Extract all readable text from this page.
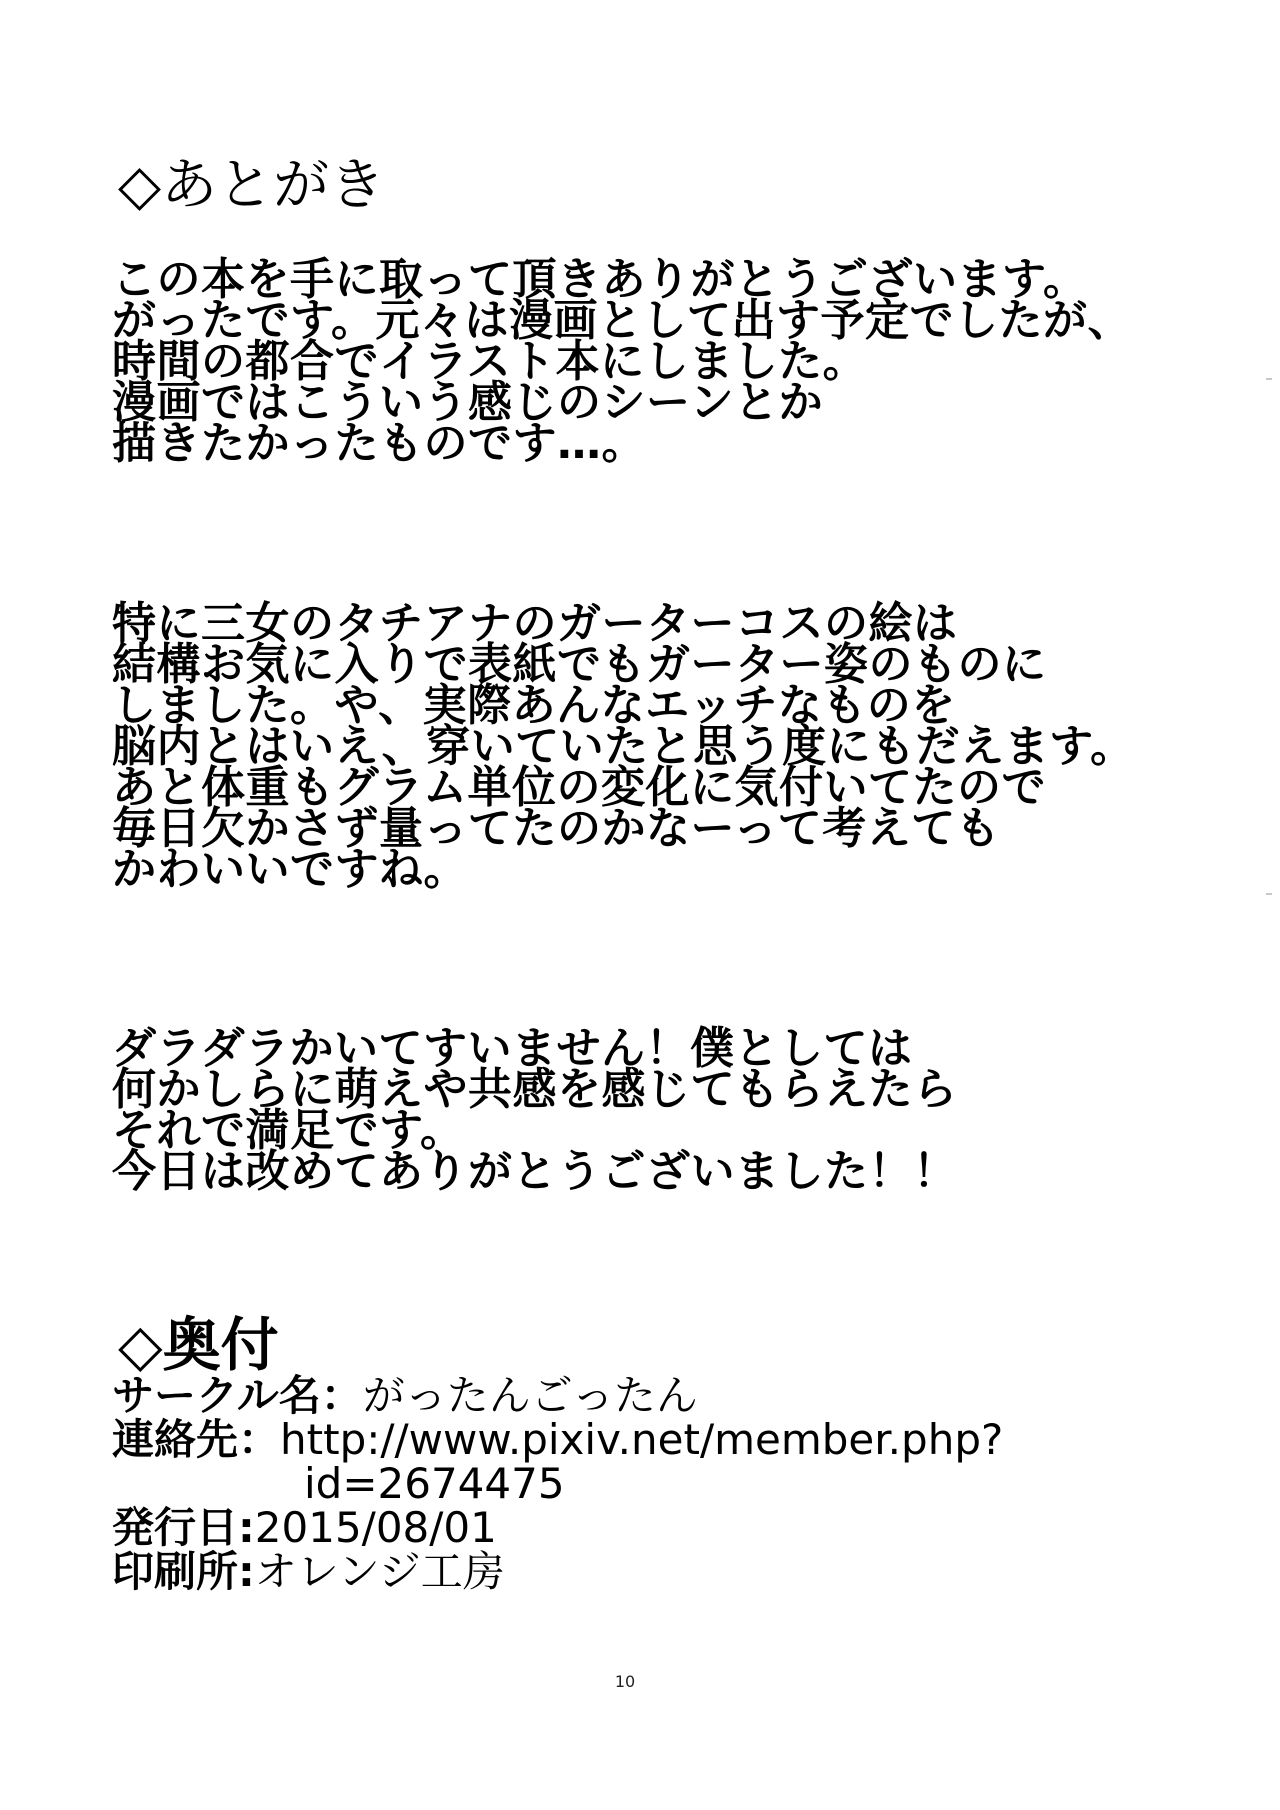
◇あとがき
この本を手に取って頂きありがとうございます。
がったです。元々は漫画として出す予定でしたが、
時間の都合でイラスト本にしました。
漫画ではこういう感じのシーンとか
描きたかったものです…。
特に三女のタチアナのガーターコスの絵は
結構お気に入りで表紙でもガーター姿のものに
しました。や、実際あんなエッチなものを
脳内とはいえ、穿いていたと思う度にもだえます。
あと体重もグラム単位の変化に気付いてたので
毎日欠かさず量ってたのかなーって考えても
かわいいですね。
ダラダラかいてすいません！僕としては
何かしらに萌えや共感を感じてもらえたら
それで満足です。
今日は改めてありがとうございました！！
◇奥付
サークル名：がったんごったん
連絡先：http://www.pixiv.net/member.php?
id=2674475
発行日:2015/08/01
印刷所:オレンジ工房
10
